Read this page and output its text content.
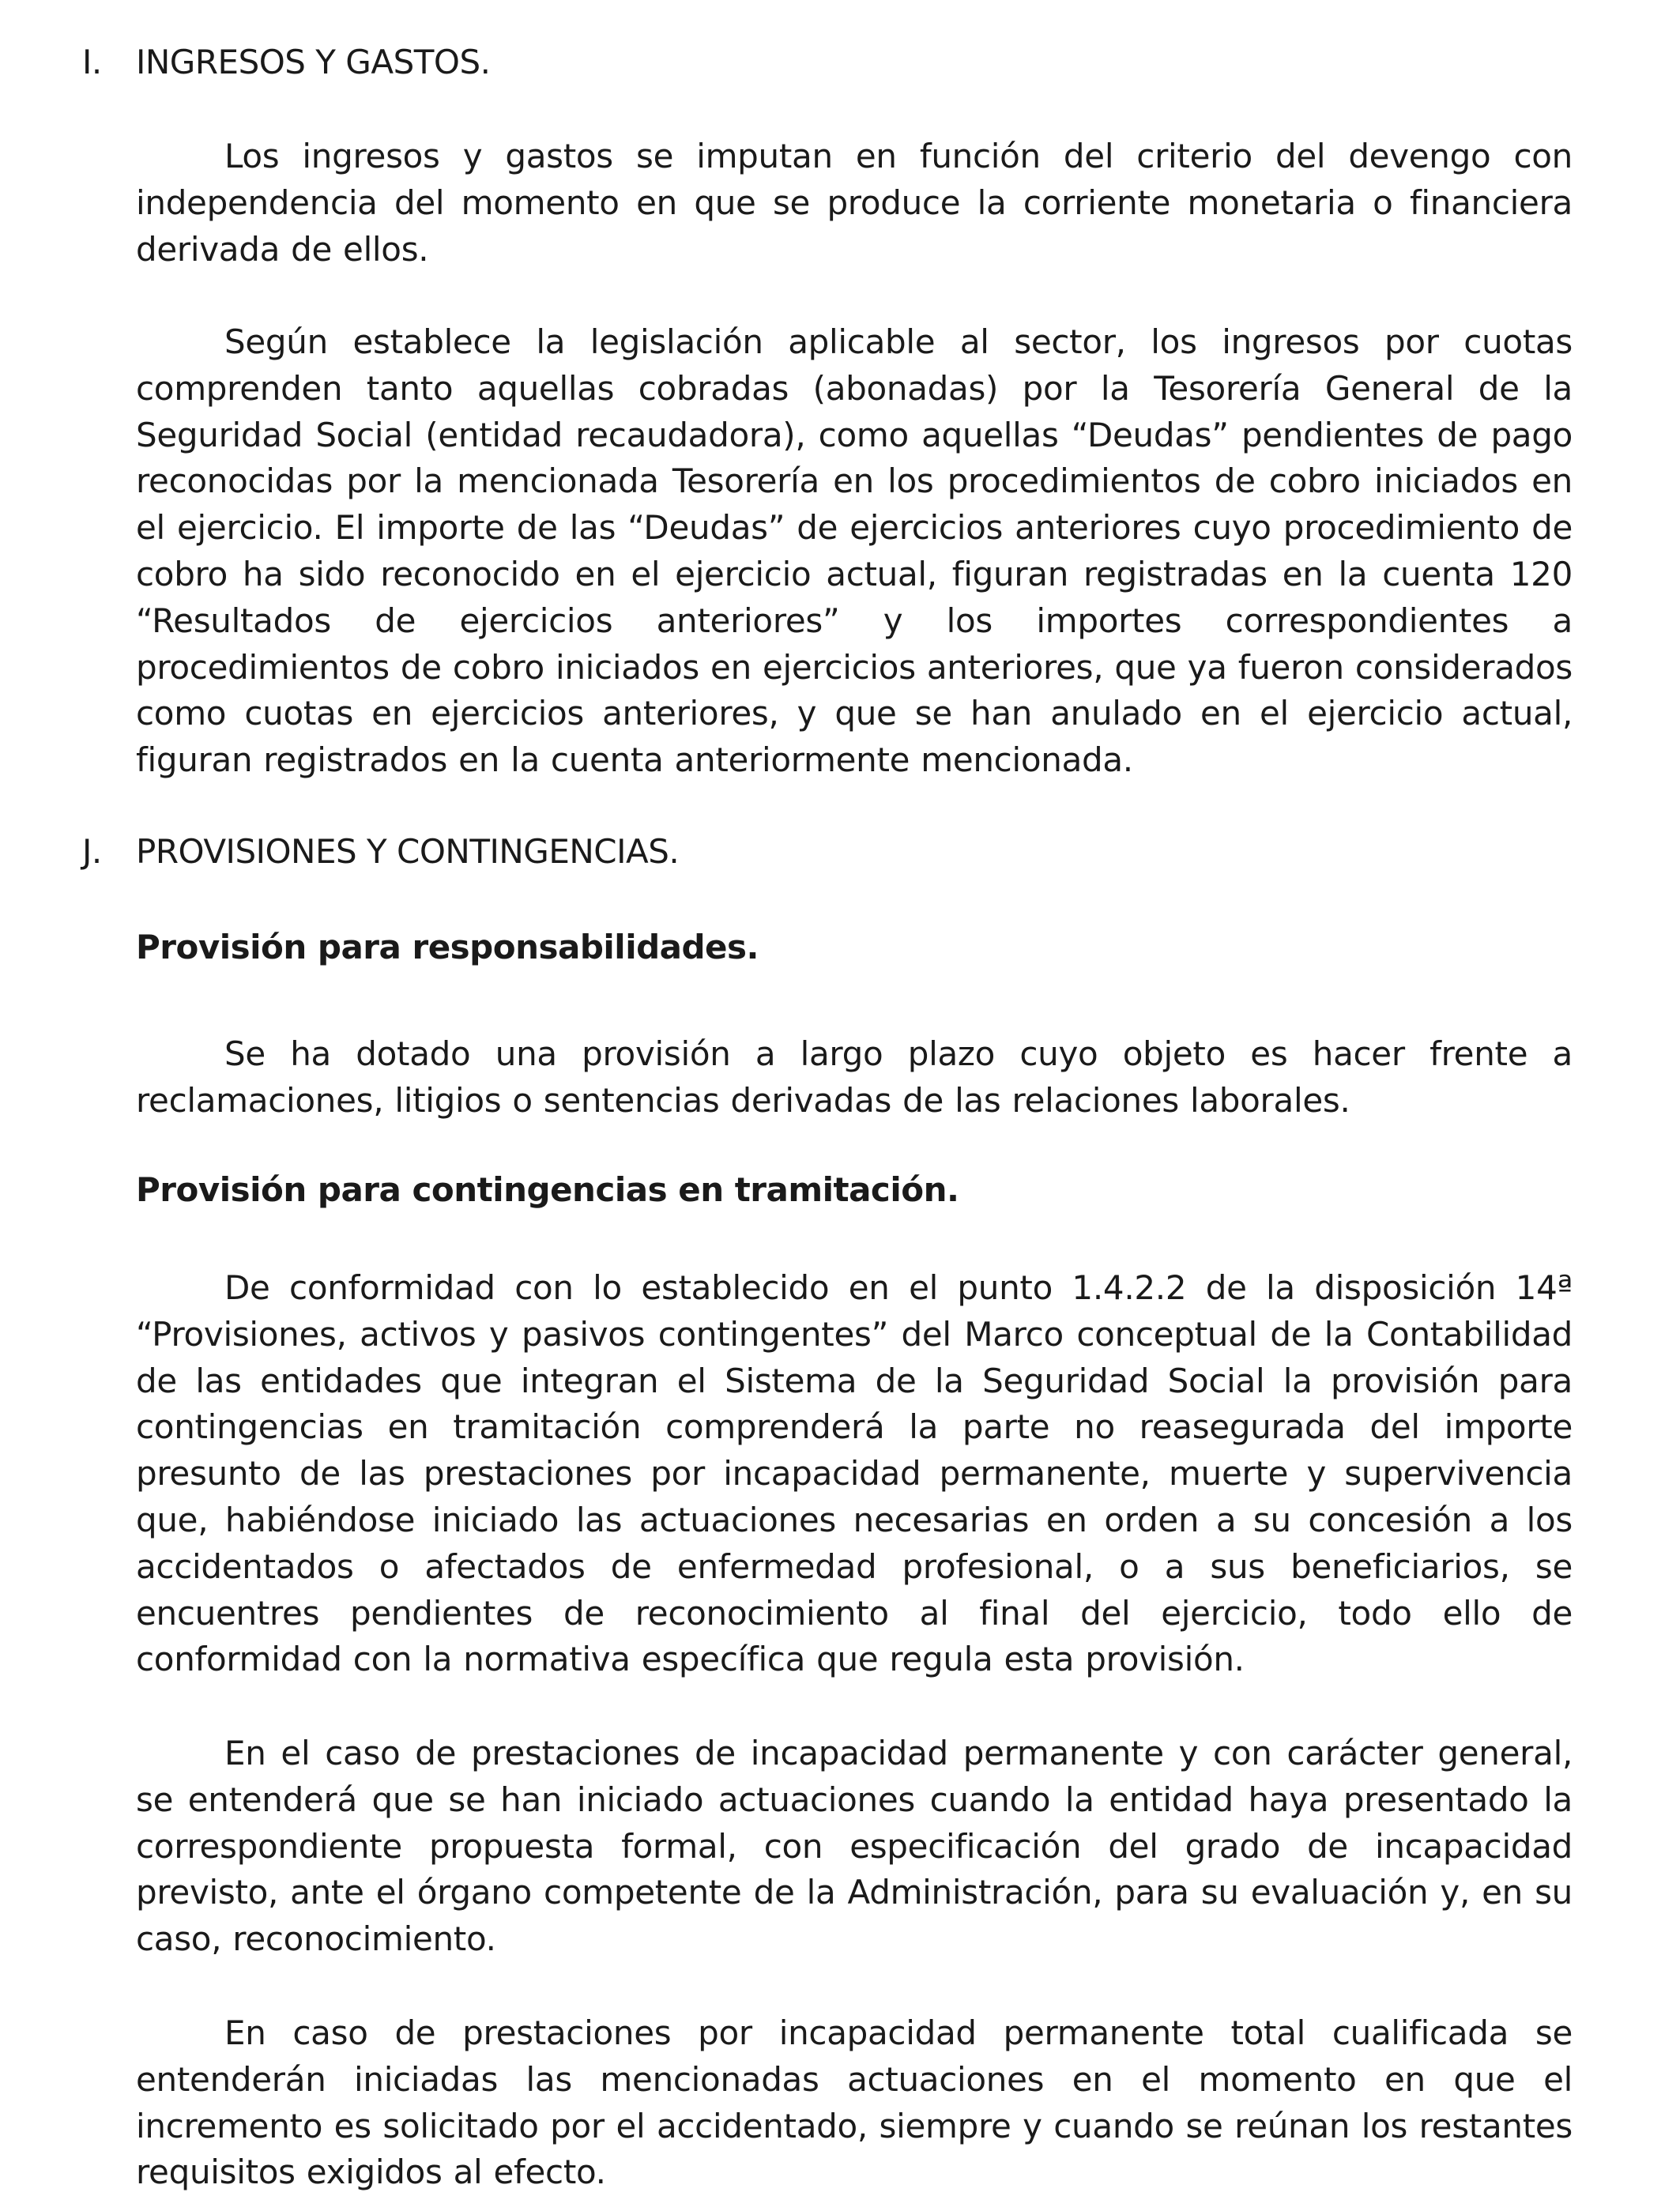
I. INGRESOS Y GASTOS.

Los ingresos y gastos se imputan en función del criterio del devengo con independencia del momento en que se produce la corriente monetaria o financiera derivada de ellos.

Según establece la legislación aplicable al sector, los ingresos por cuotas comprenden tanto aquellas cobradas (abonadas) por la Tesorería General de la Seguridad Social (entidad recaudadora), como aquellas “Deudas” pendientes de pago reconocidas por la mencionada Tesorería en los procedimientos de cobro iniciados en el ejercicio. El importe de las “Deudas” de ejercicios anteriores cuyo procedimiento de cobro ha sido reconocido en el ejercicio actual, figuran registradas en la cuenta 120 “Resultados de ejercicios anteriores” y los importes correspondientes a procedimientos de cobro iniciados en ejercicios anteriores, que ya fueron considerados como cuotas en ejercicios anteriores, y que se han anulado en el ejercicio actual, figuran registrados en la cuenta anteriormente mencionada.

J. PROVISIONES Y CONTINGENCIAS.
Provisión para responsabilidades.

Se ha dotado una provisión a largo plazo cuyo objeto es hacer frente a reclamaciones, litigios o sentencias derivadas de las relaciones laborales.

Provisión para contingencias en tramitación.

De conformidad con lo establecido en el punto 1.4.2.2 de la disposición 14ª “Provisiones, activos y pasivos contingentes” del Marco conceptual de la Contabilidad de las entidades que integran el Sistema de la Seguridad Social la provisión para contingencias en tramitación comprenderá la parte no reasegurada del importe presunto de las prestaciones por incapacidad permanente, muerte y supervivencia que, habiéndose iniciado las actuaciones necesarias en orden a su concesión a los accidentados o afectados de enfermedad profesional, o a sus beneficiarios, se encuentres pendientes de reconocimiento al final del ejercicio, todo ello de conformidad con la normativa específica que regula esta provisión.

En el caso de prestaciones de incapacidad permanente y con carácter general, se entenderá que se han iniciado actuaciones cuando la entidad haya presentado la correspondiente propuesta formal, con especificación del grado de incapacidad previsto, ante el órgano competente de la Administración, para su evaluación y, en su caso, reconocimiento.

En caso de prestaciones por incapacidad permanente total cualificada se entenderán iniciadas las mencionadas actuaciones en el momento en que el incremento es solicitado por el accidentado, siempre y cuando se reúnan los restantes requisitos exigidos al efecto.
